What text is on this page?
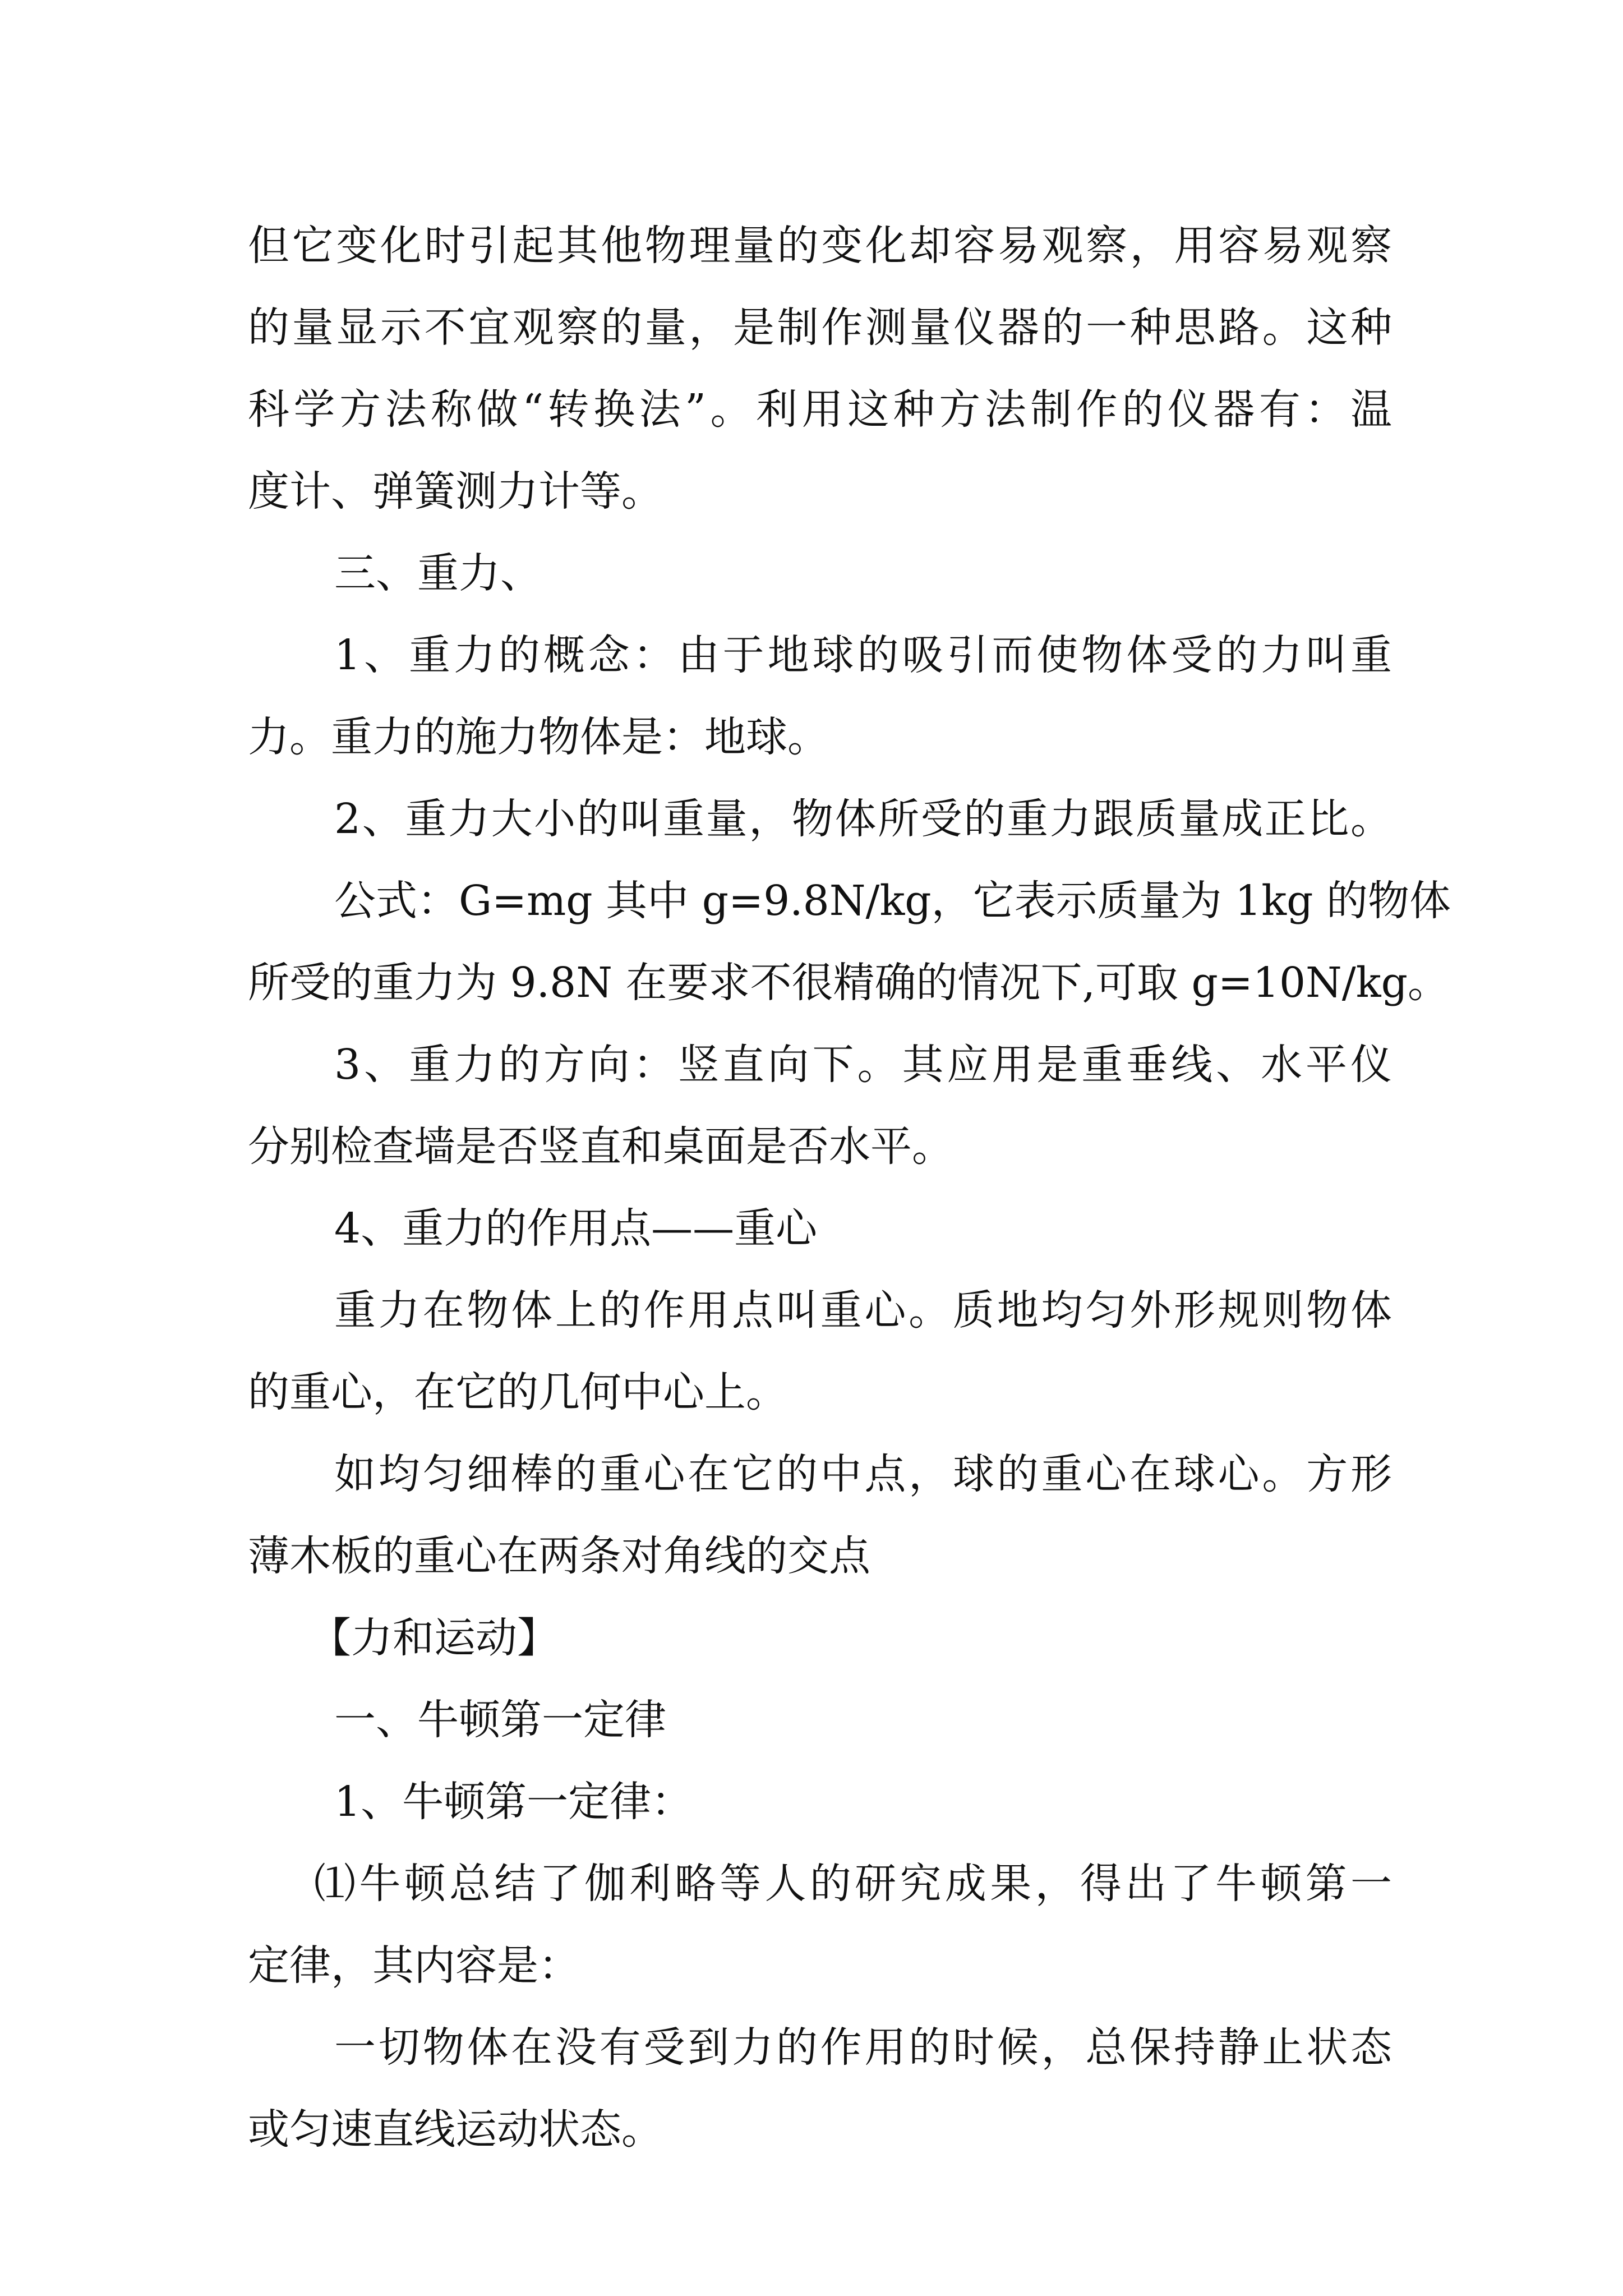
但它变化时引起其他物理量的变化却容易观察，用容易观察

的量显示不宜观察的量，是制作测量仪器的一种思路。这种

科学方法称做“转换法”。利用这种方法制作的仪器有：温

度计、弹簧测力计等。

三、重力、

1、重力的概念：由于地球的吸引而使物体受的力叫重

力。重力的施力物体是：地球。

2、重力大小的叫重量，物体所受的重力跟质量成正比。

公式：G=mg 其中 g=9.8N/kg，它表示质量为 1kg 的物体

所受的重力为 9.8N 在要求不很精确的情况下,可取 g=10N/kg。

3、重力的方向：竖直向下。其应用是重垂线、水平仪

分别检查墙是否竖直和桌面是否水平。

4、重力的作用点——重心

重力在物体上的作用点叫重心。质地均匀外形规则物体

的重心，在它的几何中心上。

如均匀细棒的重心在它的中点，球的重心在球心。方形

薄木板的重心在两条对角线的交点

【力和运动】

一、牛顿第一定律

1、牛顿第一定律：

⑴牛顿总结了伽利略等人的研究成果，得出了牛顿第一

定律，其内容是：

一切物体在没有受到力的作用的时候，总保持静止状态

或匀速直线运动状态。
